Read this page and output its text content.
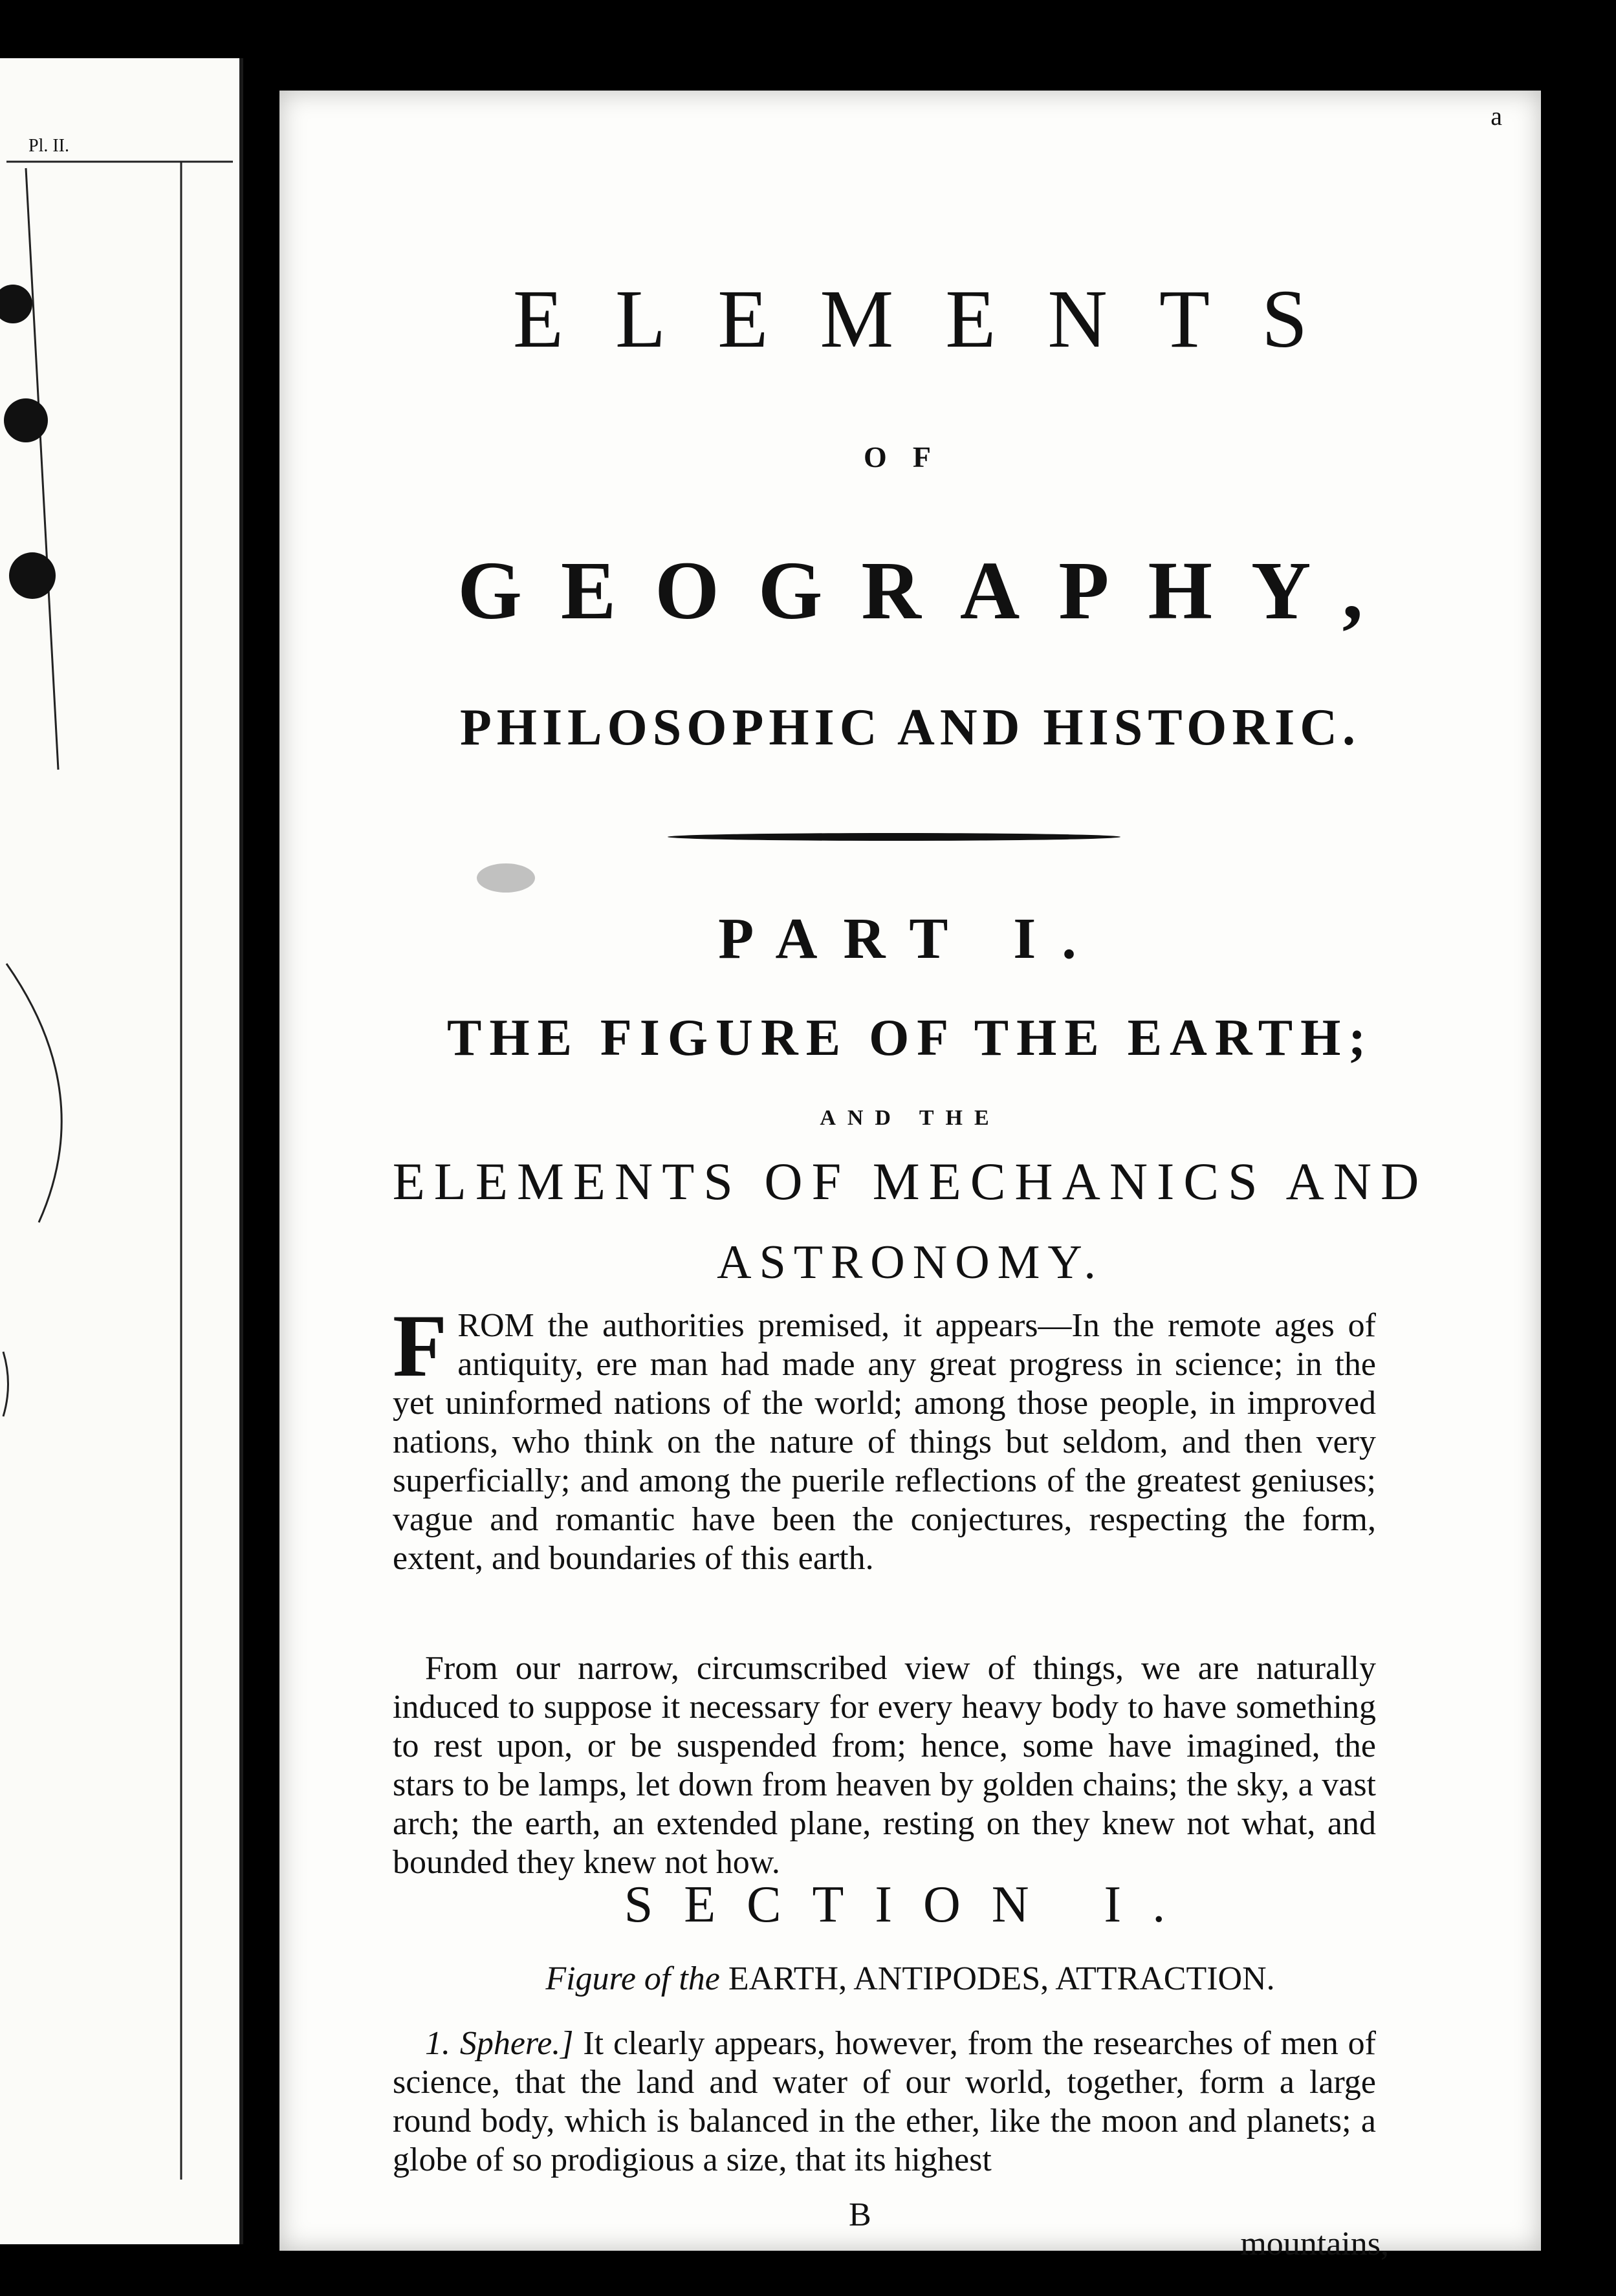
Pl. II.
a
ELEMENTS
OF
GEOGRAPHY,
PHILOSOPHIC AND HISTORIC.
PART I.
THE FIGURE OF THE EARTH;
AND THE
ELEMENTS OF MECHANICS AND
ASTRONOMY.
F ROM the authorities premised, it appears—In the remote ages of antiquity, ere man had made any great progress in science; in the yet uninformed nations of the world; among those people, in improved nations, who think on the nature of things but seldom, and then very superficially; and among the puerile reflections of the greatest geniuses; vague and romantic have been the conjectures, respecting the form, extent, and boundaries of this earth.
From our narrow, circumscribed view of things, we are naturally induced to suppose it necessary for every heavy body to have something to rest upon, or be suspended from; hence, some have imagined, the stars to be lamps, let down from heaven by golden chains; the sky, a vast arch; the earth, an extended plane, resting on they knew not what, and bounded they knew not how.
SECTION I.
Figure of the EARTH, ANTIPODES, ATTRACTION.
1. Sphere.] It clearly appears, however, from the researches of men of science, that the land and water of our world, together, form a large round body, which is balanced in the ether, like the moon and planets; a globe of so prodigious a size, that its highest
B
mountains,
